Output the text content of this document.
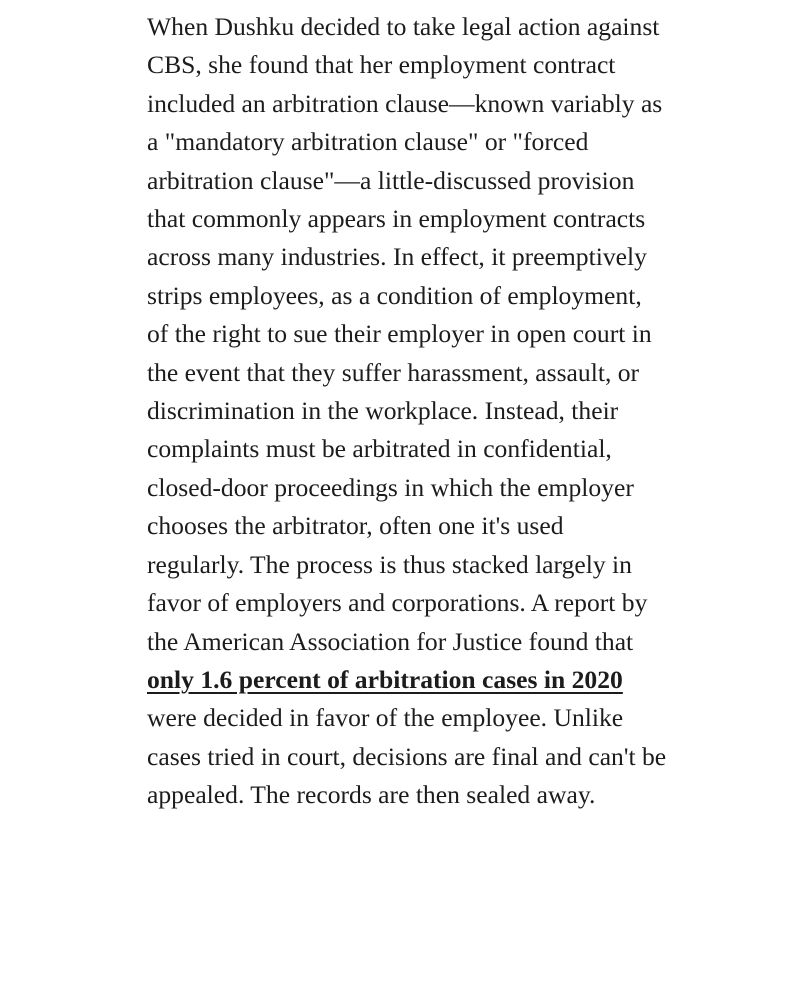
When Dushku decided to take legal action against CBS, she found that her employment contract included an arbitration clause—known variably as a "mandatory arbitration clause" or "forced arbitration clause"—a little-discussed provision that commonly appears in employment contracts across many industries. In effect, it preemptively strips employees, as a condition of employment, of the right to sue their employer in open court in the event that they suffer harassment, assault, or discrimination in the workplace. Instead, their complaints must be arbitrated in confidential, closed-door proceedings in which the employer chooses the arbitrator, often one it's used regularly. The process is thus stacked largely in favor of employers and corporations. A report by the American Association for Justice found that only 1.6 percent of arbitration cases in 2020 were decided in favor of the employee. Unlike cases tried in court, decisions are final and can't be appealed. The records are then sealed away.
